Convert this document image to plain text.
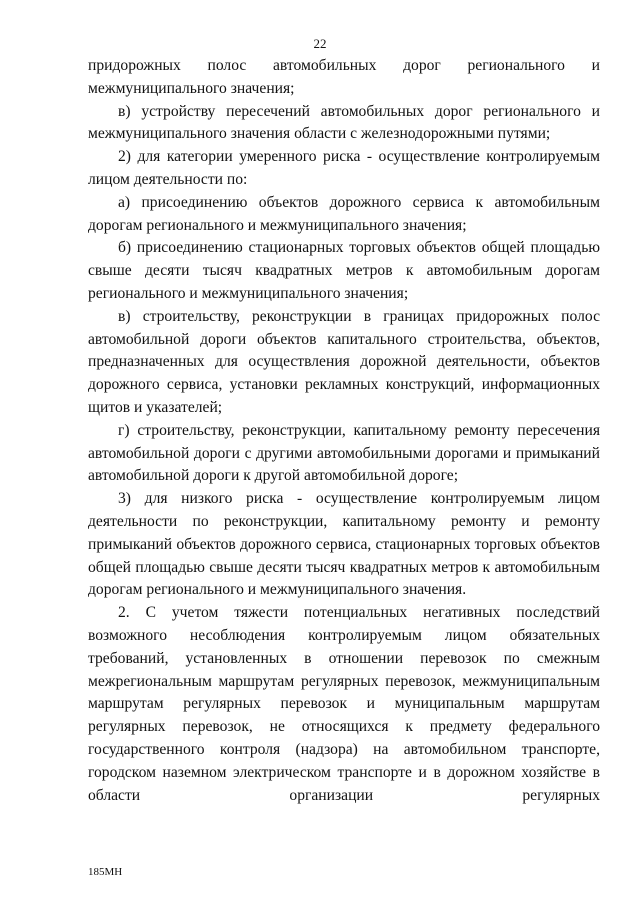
22

придорожных полос автомобильных дорог регионального и межмуниципального значения;

в) устройству пересечений автомобильных дорог регионального и межмуниципального значения области с железнодорожными путями;

2) для категории умеренного риска - осуществление контролируемым лицом деятельности по:

а) присоединению объектов дорожного сервиса к автомобильным дорогам регионального и межмуниципального значения;

б) присоединению стационарных торговых объектов общей площадью свыше десяти тысяч квадратных метров к автомобильным дорогам регионального и межмуниципального значения;

в) строительству, реконструкции в границах придорожных полос автомобильной дороги объектов капитального строительства, объектов, предназначенных для осуществления дорожной деятельности, объектов дорожного сервиса, установки рекламных конструкций, информационных щитов и указателей;

г) строительству, реконструкции, капитальному ремонту пересечения автомобильной дороги с другими автомобильными дорогами и примыканий автомобильной дороги к другой автомобильной дороге;

3) для низкого риска - осуществление контролируемым лицом деятельности по реконструкции, капитальному ремонту и ремонту примыканий объектов дорожного сервиса, стационарных торговых объектов общей площадью свыше десяти тысяч квадратных метров к автомобильным дорогам регионального и межмуниципального значения.

2. С учетом тяжести потенциальных негативных последствий возможного несоблюдения контролируемым лицом обязательных требований, установленных в отношении перевозок по смежным межрегиональным маршрутам регулярных перевозок, межмуниципальным маршрутам регулярных перевозок и муниципальным маршрутам регулярных перевозок, не относящихся к предмету федерального государственного контроля (надзора) на автомобильном транспорте, городском наземном электрическом транспорте и в дорожном хозяйстве в области организации регулярных

185МН
